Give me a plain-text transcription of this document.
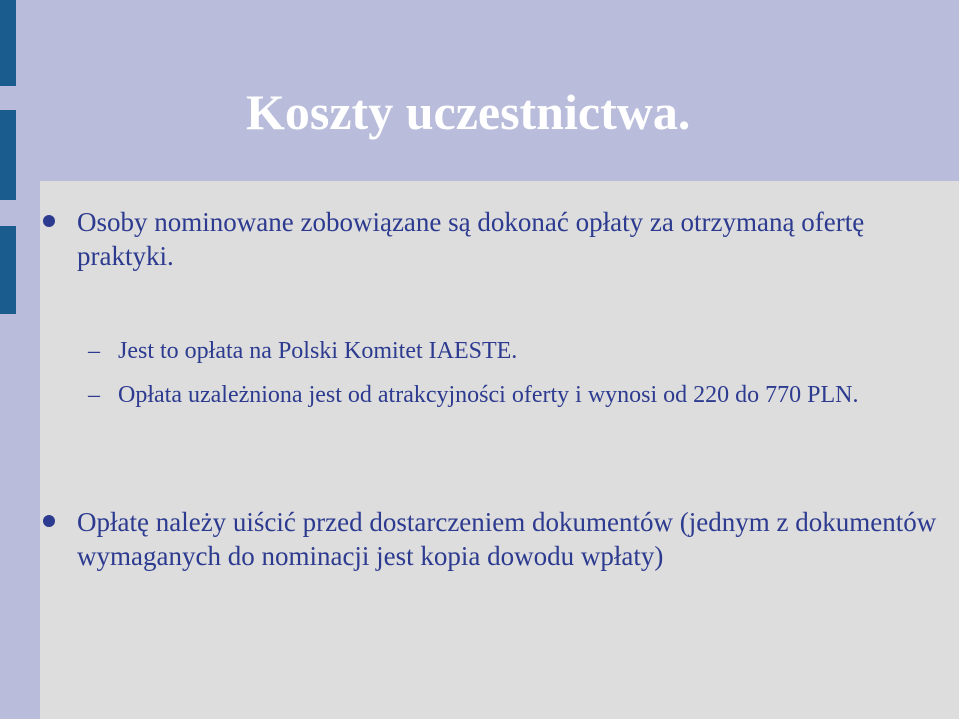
Koszty uczestnictwa.
Osoby nominowane zobowiązane są dokonać opłaty za otrzymaną ofertę praktyki.
– Jest to opłata na Polski Komitet IAESTE.
– Opłata uzależniona jest od atrakcyjności oferty i wynosi od 220 do 770 PLN.
Opłatę należy uiścić przed dostarczeniem dokumentów (jednym z dokumentów wymaganych do nominacji jest kopia dowodu wpłaty)
